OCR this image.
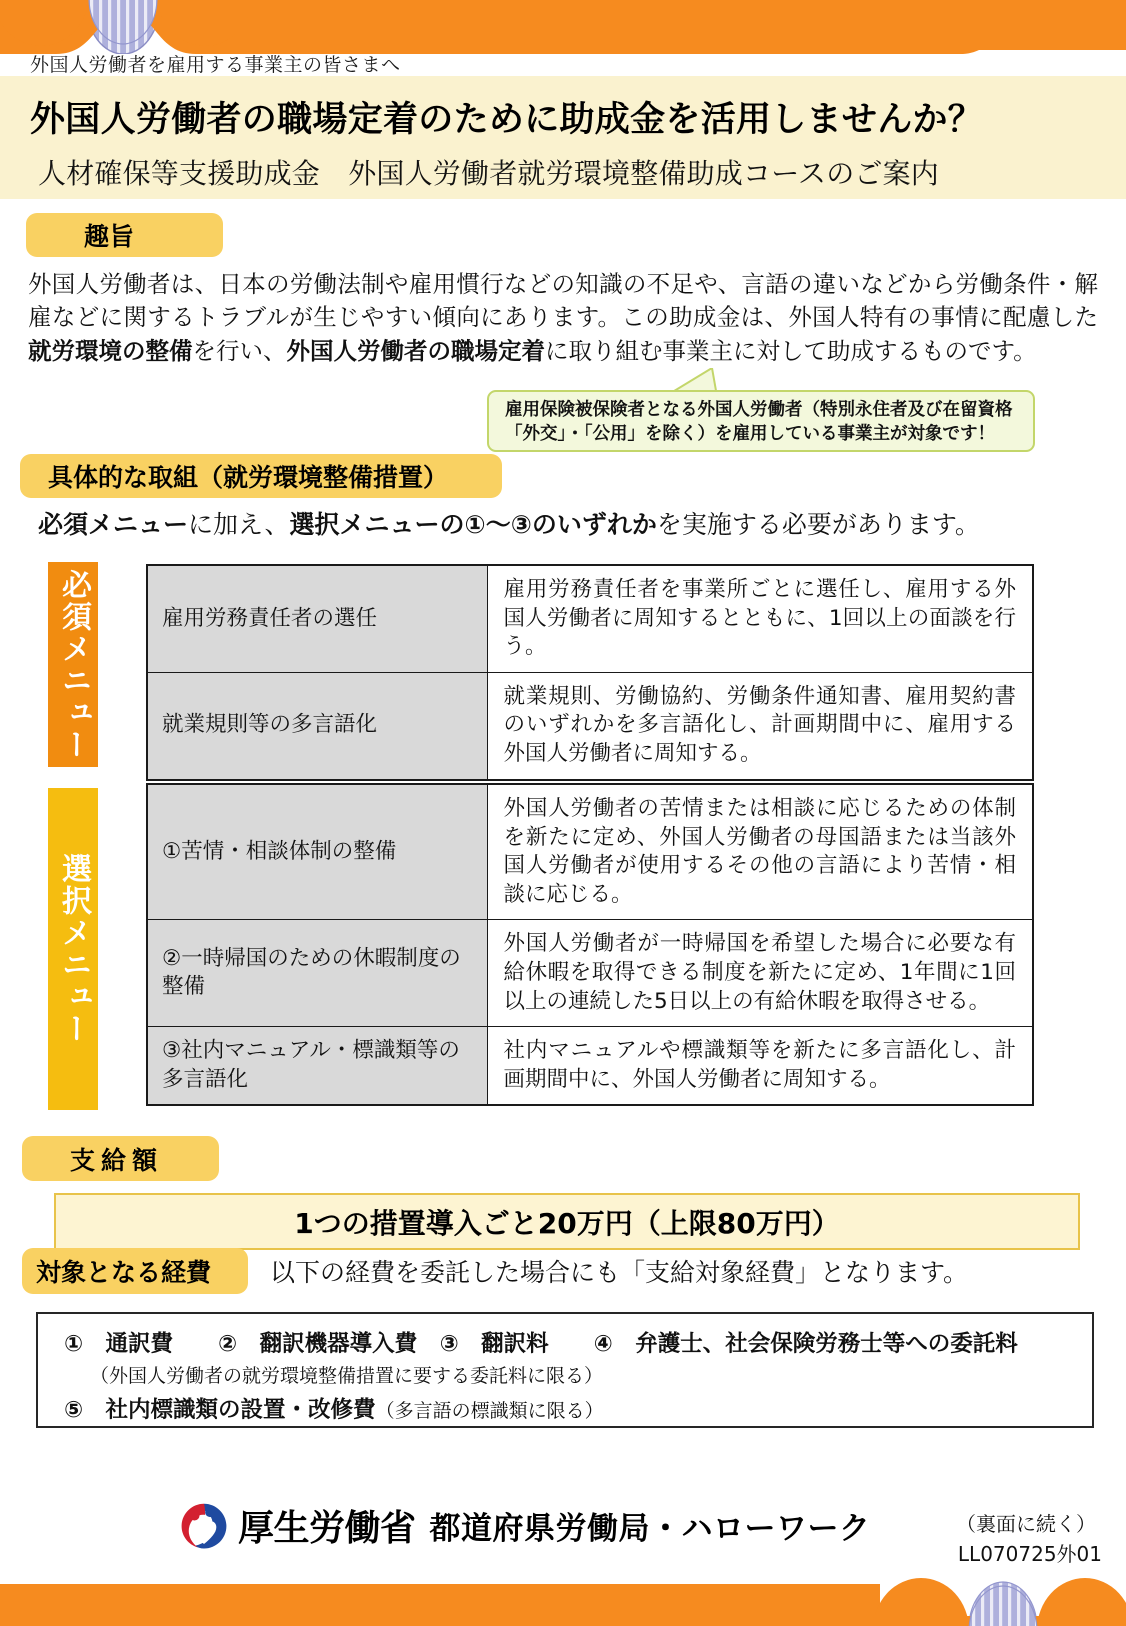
外国人労働者を雇用する事業主の皆さまへ
外国人労働者の職場定着のために助成金を活用しませんか？
人材確保等支援助成金　外国人労働者就労環境整備助成コースのご案内
趣旨
外国人労働者は、日本の労働法制や雇用慣行などの知識の不足や、言語の違いなどから労働条件・解雇などに関するトラブルが生じやすい傾向にあります。この助成金は、外国人特有の事情に配慮した就労環境の整備を行い、外国人労働者の職場定着に取り組む事業主に対して助成するものです。
雇用保険被保険者となる外国人労働者（特別永住者及び在留資格「外交」・「公用」を除く）を雇用している事業主が対象です！
具体的な取組（就労環境整備措置）
必須メニューに加え、選択メニューの①～③のいずれかを実施する必要があります。
必須メニュー	雇用労務責任者の選任	雇用労務責任者を事業所ごとに選任し、雇用する外国人労働者に周知するとともに、1回以上の面談を行う。
就業規則等の多言語化	就業規則、労働協約、労働条件通知書、雇用契約書のいずれかを多言語化し、計画期間中に、雇用する外国人労働者に周知する。
選択メニュー
①苦情・相談体制の整備	外国人労働者の苦情または相談に応じるための体制を新たに定め、外国人労働者の母国語または当該外国人労働者が使用するその他の言語により苦情・相談に応じる。
②一時帰国のための休暇制度の整備	外国人労働者が一時帰国を希望した場合に必要な有給休暇を取得できる制度を新たに定め、1年間に1回以上の連続した5日以上の有給休暇を取得させる。
③社内マニュアル・標識類等の多言語化	社内マニュアルや標識類等を新たに多言語化し、計画期間中に、外国人労働者に周知する。
支給額
1つの措置導入ごと20万円（上限80万円）
対象となる経費	以下の経費を委託した場合にも「支給対象経費」となります。
①　通訳費　　②　翻訳機器導入費　③　翻訳料　　④　弁護士、社会保険労務士等への委託料
（外国人労働者の就労環境整備措置に要する委託料に限る）
⑤　社内標識類の設置・改修費（多言語の標識類に限る）
厚生労働省 都道府県労働局・ハローワーク	（裏面に続く）
LL070725外01
